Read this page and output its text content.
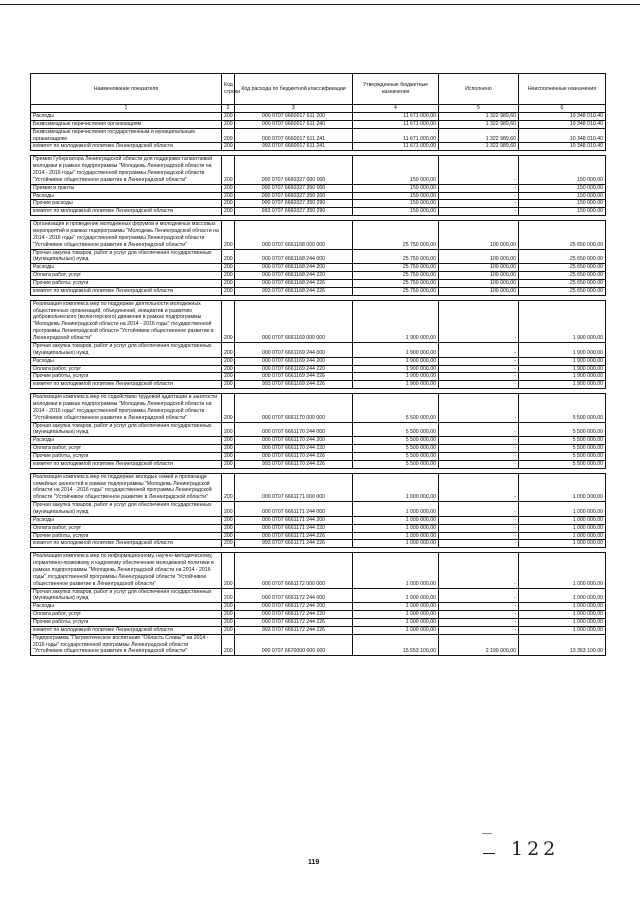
Наименование показателя	Код строки	Код расхода по бюджетной классификации	Утвержденные бюджетные назначения	Исполнено	Неисполненные назначения
1	2	3	4	5	6
Расходы	200	000 0707 6660017 611 200	11 671 000,00	1 322 989,60	10 348 010,40
Безвозмездные перечисления организациям	200	000 0707 6660017 611 240	11 671 000,00	1 322 989,60	10 348 010,40
Безвозмездные перечисления государственным и муниципальным организациям	200	000 0707 6660017 611 241	11 671 000,00	1 322 989,60	10 348 010,40
комитет по молодежной политике Ленинградской области	200	993 0707 6660017 611 241	11 671 000,00	1 322 989,60	10 348 010,40

Премии Губернатора Ленинградской области для поддержки талантливой молодежи в рамках подпрограммы "Молодежь Ленинградской области на 2014 - 2016 годы" государственной программы Ленинградской области "Устойчивое общественное развитие в Ленинградской области"	200	000 0707 6660327 000 000	150 000,00	-	150 000,00
Премии и гранты	200	000 0707 6660327 350 000	150 000,00	-	150 000,00
Расходы	200	000 0707 6660327 350 200	150 000,00	-	150 000,00
Прочие расходы	200	000 0707 6660327 350 290	150 000,00	-	150 000,00
комитет по молодежной политике Ленинградской области	200	993 0707 6660327 350 290	150 000,00	-	150 000,00

Организация и проведение молодежных форумов и молодежных массовых мероприятий в рамках подпрограммы "Молодежь Ленинградской области на 2014 - 2016 годы" государственной программы Ленинградской области "Устойчивое общественное развитие в Ленинградской области"	200	000 0707 6661168 000 000	25 750 000,00	100 000,00	25 650 000,00
Прочая закупка товаров, работ и услуг для обеспечения государственных (муниципальных) нужд	200	000 0707 6661168 244 000	25 750 000,00	100 000,00	25 650 000,00
Расходы	200	000 0707 6661168 244 200	25 750 000,00	100 000,00	25 650 000,00
Оплата работ, услуг	200	000 0707 6661168 244 220	25 750 000,00	100 000,00	25 650 000,00
Прочие работы, услуги	200	000 0707 6661168 244 226	25 750 000,00	100 000,00	25 650 000,00
комитет по молодежной политике Ленинградской области	200	993 0707 6661168 244 226	25 750 000,00	100 000,00	25 650 000,00

Реализация комплекса мер по поддержке деятельности молодежных общественных организаций, объединений, инициатив и развитию добровольческого (волонтерского) движения в рамках подпрограммы "Молодежь Ленинградской области на 2014 - 2016 годы" государственной программы Ленинградской области "Устойчивое общественное развитие в Ленинградской области"	200	000 0707 6661169 000 000	1 900 000,00	-	1 900 000,00
Прочая закупка товаров, работ и услуг для обеспечения государственных (муниципальных) нужд	200	000 0707 6661169 244 000	1 900 000,00	-	1 900 000,00
Расходы	200	000 0707 6661169 244 200	1 900 000,00	-	1 900 000,00
Оплата работ, услуг	200	000 0707 6661169 244 220	1 900 000,00	-	1 900 000,00
Прочие работы, услуги	200	000 0707 6661169 244 226	1 900 000,00	-	1 900 000,00
комитет по молодежной политике Ленинградской области	200	993 0707 6661169 244 226	1 900 000,00	-	1 900 000,00

Реализация комплекса мер по содействию трудовой адаптации и занятости молодежи в рамках подпрограммы "Молодежь Ленинградской области на 2014 - 2016 годы" государственной программы Ленинградской области "Устойчивое общественное развитие в Ленинградской области"	200	000 0707 6661170 000 000	5 500 000,00	-	5 500 000,00
Прочая закупка товаров, работ и услуг для обеспечения государственных (муниципальных) нужд	200	000 0707 6661170 244 000	5 500 000,00	-	5 500 000,00
Расходы	200	000 0707 6661170 244 200	5 500 000,00	-	5 500 000,00
Оплата работ, услуг	200	000 0707 6661170 244 220	5 500 000,00	-	5 500 000,00
Прочие работы, услуги	200	000 0707 6661170 244 226	5 500 000,00	-	5 500 000,00
комитет по молодежной политике Ленинградской области	200	993 0707 6661170 244 226	5 500 000,00	-	5 500 000,00

Реализация комплекса мер по поддержке молодых семей и пропаганде семейных ценностей в рамках подпрограммы "Молодежь Ленинградской области на 2014 - 2016 годы" государственной программы Ленинградской области "Устойчивое общественное развитие в Ленинградской области"	200	000 0707 6661171 000 000	1 000 000,00	-	1 000 000,00
Прочая закупка товаров, работ и услуг для обеспечения государственных (муниципальных) нужд	200	000 0707 6661171 244 000	1 000 000,00	-	1 000 000,00
Расходы	200	000 0707 6661171 244 200	1 000 000,00	-	1 000 000,00
Оплата работ, услуг	200	000 0707 6661171 244 220	1 000 000,00	-	1 000 000,00
Прочие работы, услуги	200	000 0707 6661171 244 226	1 000 000,00	-	1 000 000,00
комитет по молодежной политике Ленинградской области	200	993 0707 6661171 244 226	1 000 000,00	-	1 000 000,00

Реализация комплекса мер по информационному, научно-методическому, нормативно-правовому и кадровому обеспечению молодежной политики в рамках подпрограммы "Молодежь Ленинградской области на 2014 - 2016 годы" государственной программы Ленинградской области "Устойчивое общественное развитие в Ленинградской области"	200	000 0707 6661172 000 000	1 000 000,00	-	1 000 000,00
Прочая закупка товаров, работ и услуг для обеспечения государственных (муниципальных) нужд	200	000 0707 6661172 244 000	1 000 000,00	-	1 000 000,00
Расходы	200	000 0707 6661172 244 200	1 000 000,00	-	1 000 000,00
Оплата работ, услуг	200	000 0707 6661172 244 220	1 000 000,00	-	1 000 000,00
Прочие работы, услуги	200	000 0707 6661172 244 226	1 000 000,00	-	1 000 000,00
комитет по молодежной политике Ленинградской области	200	993 0707 6661172 244 226	1 000 000,00	-	1 000 000,00
Подпрограмма "Патриотическое воспитание "Область Славы"" на 2014 - 2016 годы" государственной программы Ленинградской области "Устойчивое общественное развитие в Ленинградской области"	200	000 0707 6670000 000 000	15 553 100,00	2 190 000,00	13 363 100,00
122
119
